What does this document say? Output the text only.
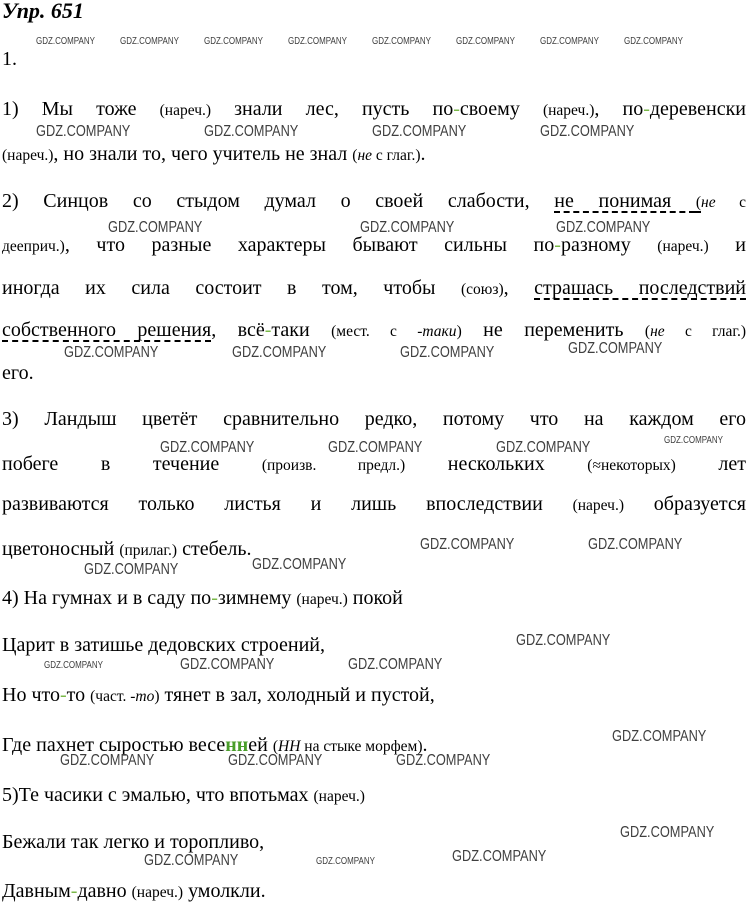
Упр. 651
1.
1) Мы тоже (нареч.) знали лес, пусть по-своему (нареч.), по-деревенски
(нареч.), но знали то, чего учитель не знал (не с глаг.).
2) Синцов со стыдом думал о своей слабости, не понимая (не с
дееприч.), что разные характеры бывают сильны по-разному (нареч.) и
иногда их сила состоит в том, чтобы (союз), страшась последствий
собственного решения, всё-таки (мест. с -таки) не переменить (не с глаг.)
его.
3) Ландыш цветёт сравнительно редко, потому что на каждом его
побеге в течение (произв. предл.) нескольких (≈некоторых) лет
развиваются только листья и лишь впоследствии (нареч.) образуется
цветоносный (прилаг.) стебель.
4) На гумнах и в саду по-зимнему (нареч.) покой
Царит в затишье дедовских строений,
Но что-то (част. -то) тянет в зал, холодный и пустой,
Где пахнет сыростью весенней (НН на стыке морфем).
5)Те часики с эмалью, что впотьмах (нареч.)
Бежали так легко и торопливо,
Давным-давно (нареч.) умолкли.
GDZ.COMPANY	GDZ.COMPANY	GDZ.COMPANY	GDZ.COMPANY	GDZ.COMPANY	GDZ.COMPANY	GDZ.COMPANY	GDZ.COMPANY
GDZ.COMPANY	GDZ.COMPANY	GDZ.COMPANY	GDZ.COMPANY
GDZ.COMPANY	GDZ.COMPANY	GDZ.COMPANY
GDZ.COMPANY	GDZ.COMPANY	GDZ.COMPANY	GDZ.COMPANY
GDZ.COMPANY
GDZ.COMPANY	GDZ.COMPANY	GDZ.COMPANY
GDZ.COMPANY	GDZ.COMPANY
GDZ.COMPANY	GDZ.COMPANY
GDZ.COMPANY
GDZ.COMPANY	GDZ.COMPANY	GDZ.COMPANY
GDZ.COMPANY
GDZ.COMPANY	GDZ.COMPANY	GDZ.COMPANY
GDZ.COMPANY
GDZ.COMPANY	GDZ.COMPANY	GDZ.COMPANY
